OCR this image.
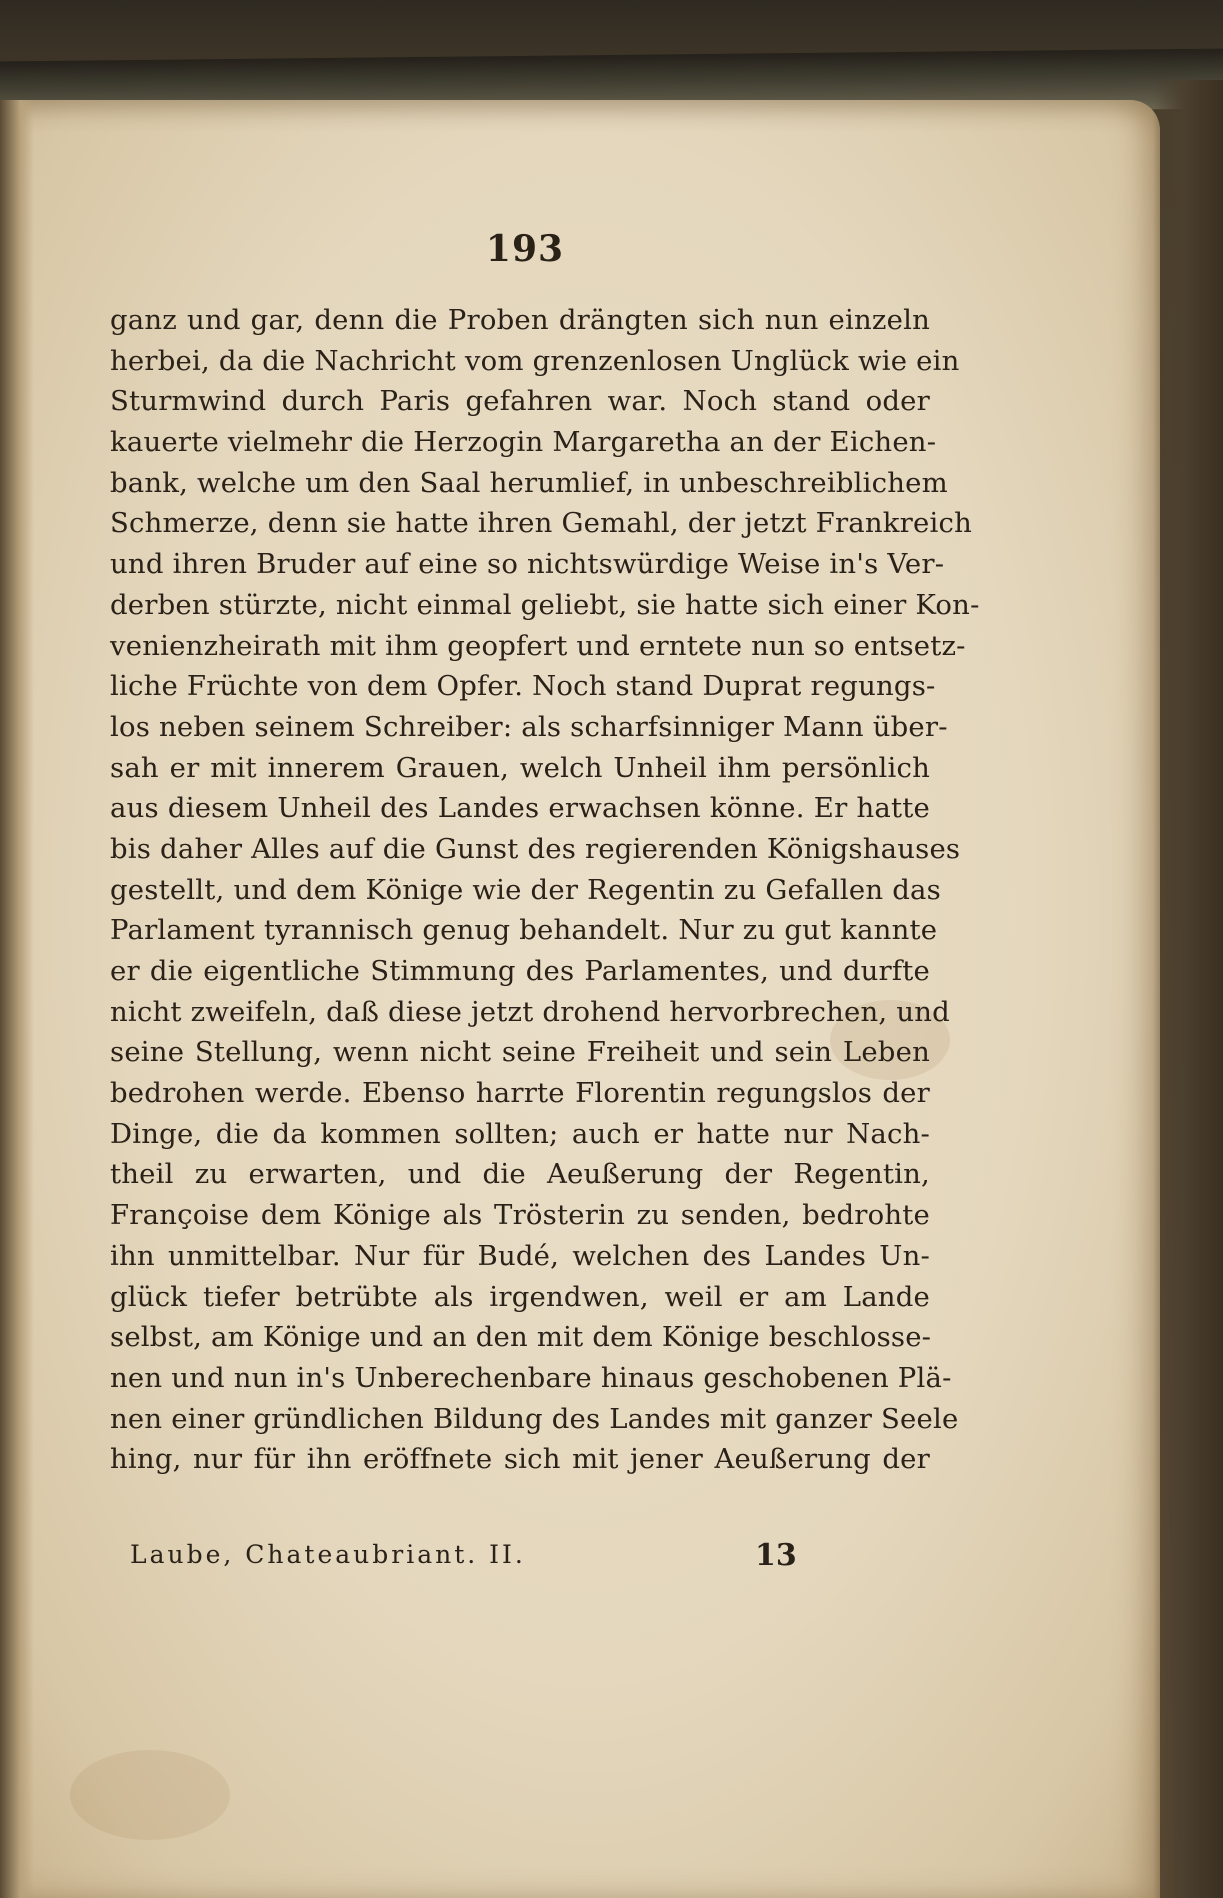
193
ganz und gar, denn die Proben drängten sich nun einzeln
herbei, da die Nachricht vom grenzenlosen Unglück wie ein
Sturmwind durch Paris gefahren war. Noch stand oder
kauerte vielmehr die Herzogin Margaretha an der Eichen-
bank, welche um den Saal herumlief, in unbeschreiblichem
Schmerze, denn sie hatte ihren Gemahl, der jetzt Frankreich
und ihren Bruder auf eine so nichtswürdige Weise in's Ver-
derben stürzte, nicht einmal geliebt, sie hatte sich einer Kon-
venienzheirath mit ihm geopfert und erntete nun so entsetz-
liche Früchte von dem Opfer. Noch stand Duprat regungs-
los neben seinem Schreiber: als scharfsinniger Mann über-
sah er mit innerem Grauen, welch Unheil ihm persönlich
aus diesem Unheil des Landes erwachsen könne. Er hatte
bis daher Alles auf die Gunst des regierenden Königshauses
gestellt, und dem Könige wie der Regentin zu Gefallen das
Parlament tyrannisch genug behandelt. Nur zu gut kannte
er die eigentliche Stimmung des Parlamentes, und durfte
nicht zweifeln, daß diese jetzt drohend hervorbrechen, und
seine Stellung, wenn nicht seine Freiheit und sein Leben
bedrohen werde. Ebenso harrte Florentin regungslos der
Dinge, die da kommen sollten; auch er hatte nur Nach-
theil zu erwarten, und die Aeußerung der Regentin,
Françoise dem Könige als Trösterin zu senden, bedrohte
ihn unmittelbar. Nur für Budé, welchen des Landes Un-
glück tiefer betrübte als irgendwen, weil er am Lande
selbst, am Könige und an den mit dem Könige beschlosse-
nen und nun in's Unberechenbare hinaus geschobenen Plä-
nen einer gründlichen Bildung des Landes mit ganzer Seele
hing, nur für ihn eröffnete sich mit jener Aeußerung der
Laube, Chateaubriant. II.	13
